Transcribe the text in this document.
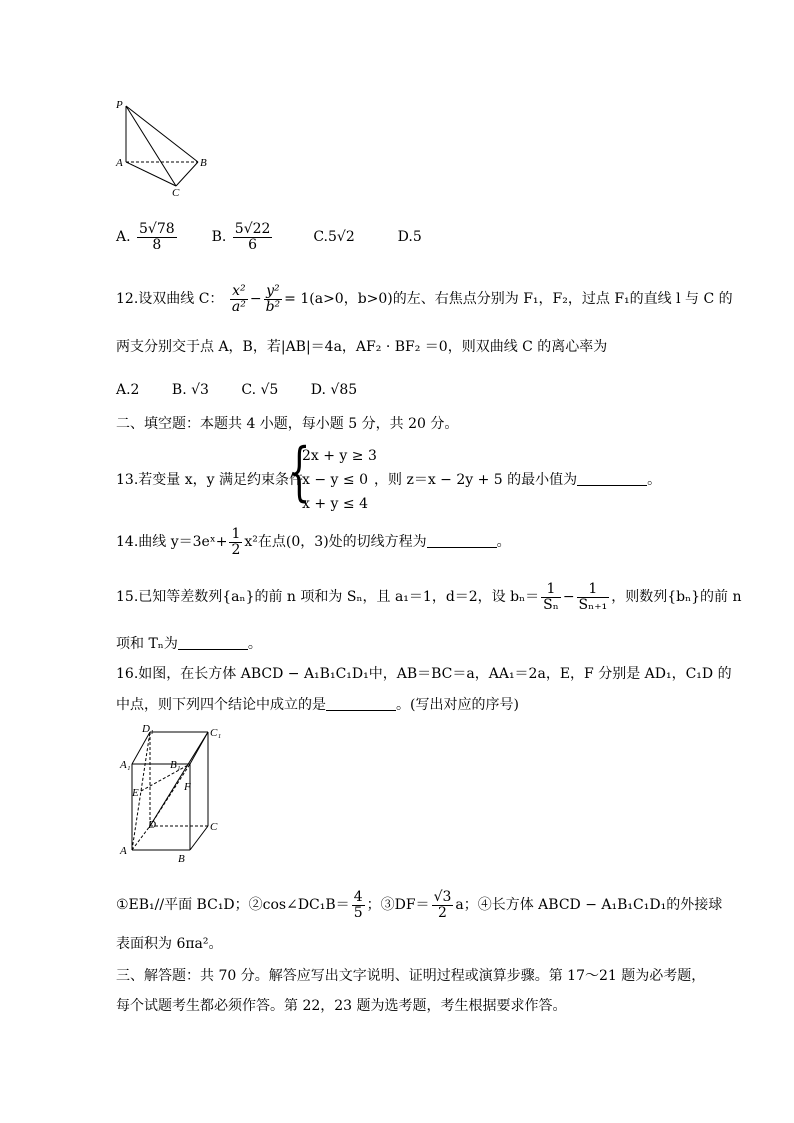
P
A	B
C
A. $\frac{5√78}{8} B$. $\frac{5√22}{6}$	C.5√2	D.5
12.设双曲线 C： $\frac{\text{x²}}{\text{a²}} - \frac{\text{y²}}{\text{b²}} = 1(a>0$，b>0)的左、右焦点分别为 F₁，F₂，过点 F₁的直线 l 与 C 的
两支分别交于点 A，B，若|AB|＝4a，AF₂ · BF₂ ＝0，则双曲线 C 的离心率为
A.2　　 B. √3　　 C. √5　　 D. √85
二、填空题：本题共 4 小题，每小题 5 分，共 20 分。
13.若变量 x，y 满足约束条件
{
2x + y ≥ 3
x − y ≤ 0
x + y ≤ 4
，则 z＝x − 2y + 5 的最小值为	。
14.曲线 y＝3eˣ+ $\frac{1}{2} x^2$在点(0，3)处的切线方程为	。
15.已知等差数列{aₙ}的前 n 项和为 Sₙ，且 a₁＝1，d＝2，设 $b_n= \frac{1}{\text{Sₙ}} - \frac{1}{\text{Sₙ₊₁}}$ ，则数列{bₙ}的前 n
项和 Tₙ为	。
16.如图，在长方体 ABCD − A₁B₁C₁D₁中，AB＝BC＝a，AA₁＝2a，E，F 分别是 AD₁，C₁D 的
中点，则下列四个结论中成立的是	。(写出对应的序号)
D₁	C₁
A₁	B₁
E	F
D	C
A
B
①EB₁//平面 BC₁D；②cos∠DC₁B＝ $\frac{4}{5}$ ；③DF＝ $\frac{√3}{2}$ a；④长方体 ABCD − A₁B₁C₁D₁的外接球
表面积为 6πa²。
三、解答题：共 70 分。解答应写出文字说明、证明过程或演算步骤。第 17～21 题为必考题，
每个试题考生都必须作答。第 22，23 题为选考题，考生根据要求作答。
